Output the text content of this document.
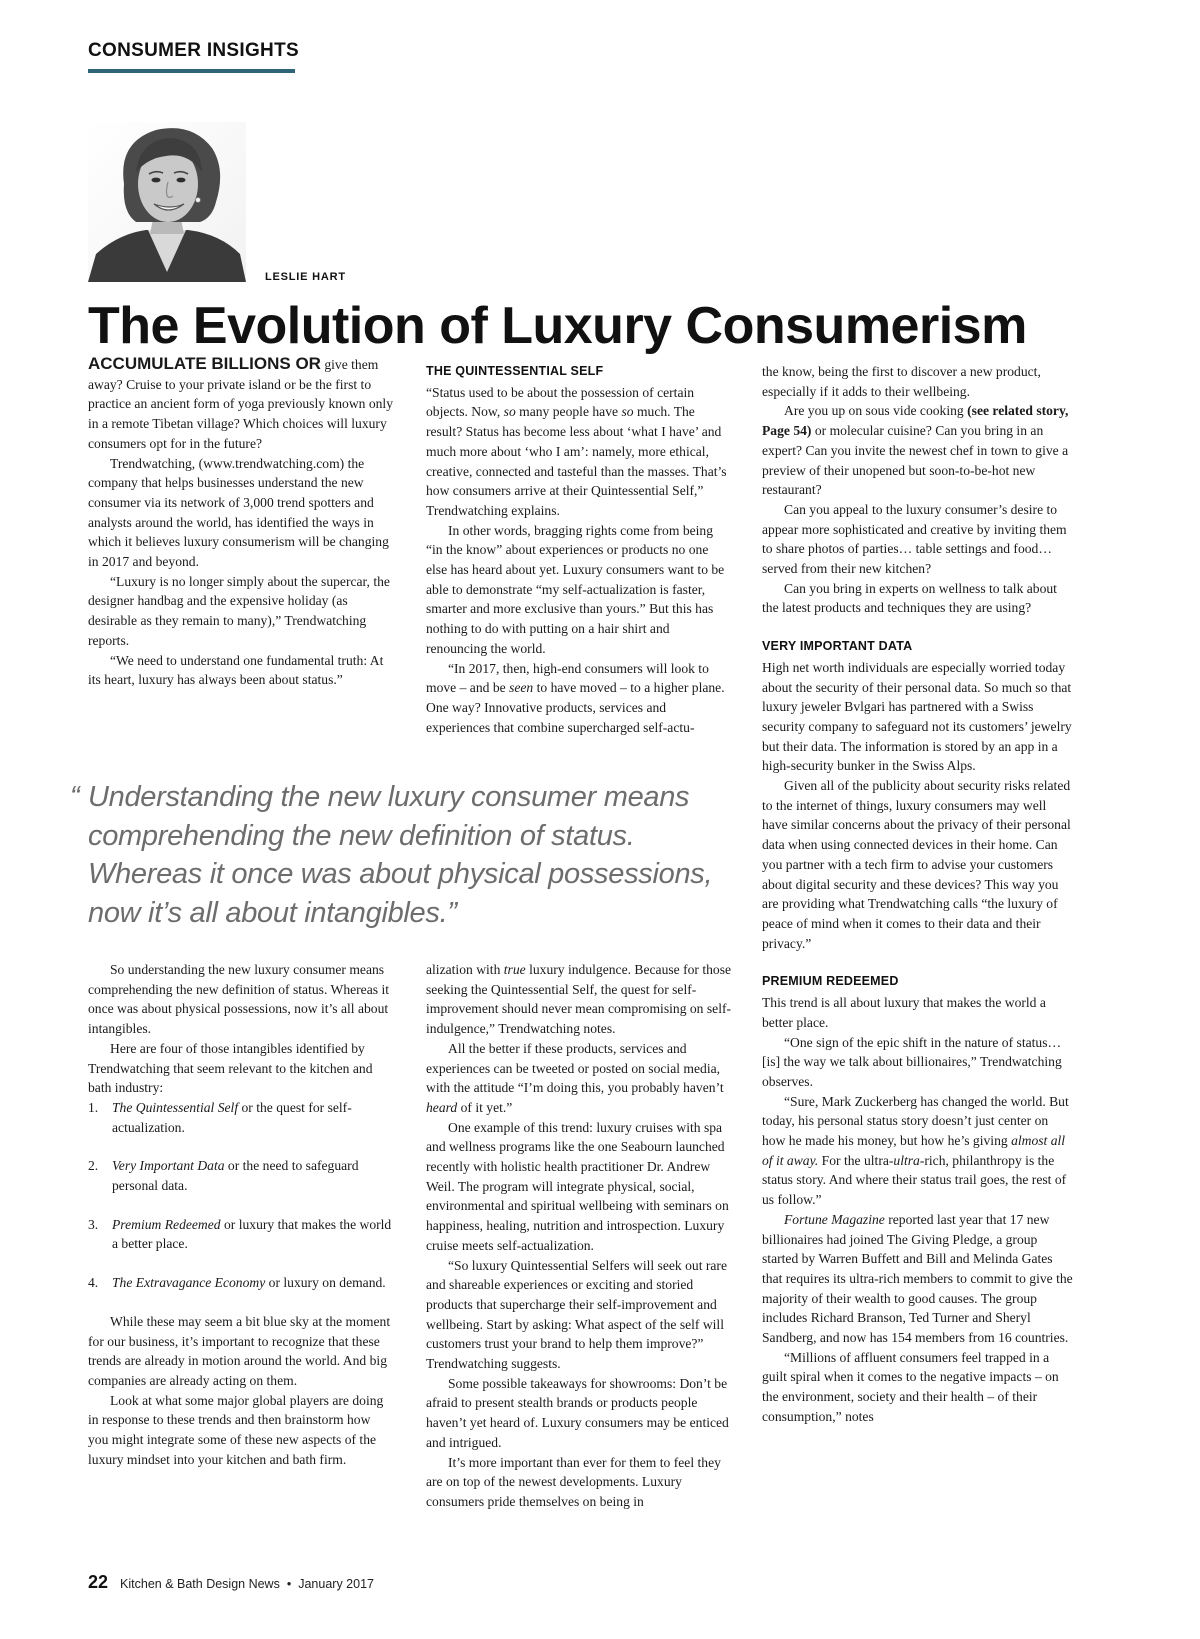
CONSUMER INSIGHTS
LESLIE HART
The Evolution of Luxury Consumerism

ACCUMULATE BILLIONS OR give them away? Cruise to your private island or be the first to practice an ancient form of yoga previously known only in a remote Tibetan village? Which choices will luxury consumers opt for in the future?

Trendwatching, (www.trendwatching.com) the company that helps businesses understand the new consumer via its network of 3,000 trend spotters and analysts around the world, has identified the ways in which it believes luxury consumerism will be changing in 2017 and beyond.

“Luxury is no longer simply about the supercar, the designer handbag and the expensive holiday (as desirable as they remain to many),” Trendwatching reports.

“We need to understand one fundamental truth: At its heart, luxury has always been about status.”

THE QUINTESSENTIAL SELF

“Status used to be about the possession of certain objects. Now, so many people have so much. The result? Status has become less about ‘what I have’ and much more about ‘who I am’: namely, more ethical, creative, connected and tasteful than the masses. That’s how consumers arrive at their Quintessential Self,” Trendwatching explains.

In other words, bragging rights come from being “in the know” about experiences or products no one else has heard about yet. Luxury consumers want to be able to demonstrate “my self-actualization is faster, smarter and more exclusive than yours.” But this has nothing to do with putting on a hair shirt and renouncing the world.

“In 2017, then, high-end consumers will look to move – and be seen to have moved – to a higher plane. One way? Innovative products, services and experiences that combine supercharged self-actu-

“ Understanding the new luxury consumer means
comprehending the new definition of status.
Whereas it once was about physical possessions,
now it’s all about intangibles.”

So understanding the new luxury consumer means comprehending the new definition of status. Whereas it once was about physical possessions, now it’s all about intangibles.

Here are four of those intangibles identified by Trendwatching that seem relevant to the kitchen and bath industry:

1.	The Quintessential Self or the quest for self-actualization.
2.	Very Important Data or the need to safeguard personal data.
3.	Premium Redeemed or luxury that makes the world a better place.
4.	The Extravagance Economy or luxury on demand.

While these may seem a bit blue sky at the moment for our business, it’s important to recognize that these trends are already in motion around the world. And big companies are already acting on them.

Look at what some major global players are doing in response to these trends and then brainstorm how you might integrate some of these new aspects of the luxury mindset into your kitchen and bath firm.

alization with true luxury indulgence. Because for those seeking the Quintessential Self, the quest for self-improvement should never mean compromising on self-indulgence,” Trendwatching notes.

All the better if these products, services and experiences can be tweeted or posted on social media, with the attitude “I’m doing this, you probably haven’t heard of it yet.”

One example of this trend: luxury cruises with spa and wellness programs like the one Seabourn launched recently with holistic health practitioner Dr. Andrew Weil. The program will integrate physical, social, environmental and spiritual wellbeing with seminars on happiness, healing, nutrition and introspection. Luxury cruise meets self-actualization.

“So luxury Quintessential Selfers will seek out rare and shareable experiences or exciting and storied products that supercharge their self-improvement and wellbeing. Start by asking: What aspect of the self will customers trust your brand to help them improve?” Trendwatching suggests.

Some possible takeaways for showrooms: Don’t be afraid to present stealth brands or products people haven’t yet heard of. Luxury consumers may be enticed and intrigued.

It’s more important than ever for them to feel they are on top of the newest developments. Luxury consumers pride themselves on being in

the know, being the first to discover a new product, especially if it adds to their wellbeing.

Are you up on sous vide cooking (see related story, Page 54) or molecular cuisine? Can you bring in an expert? Can you invite the newest chef in town to give a preview of their unopened but soon-to-be-hot new restaurant?

Can you appeal to the luxury consumer’s desire to appear more sophisticated and creative by inviting them to share photos of parties… table settings and food…served from their new kitchen?

Can you bring in experts on wellness to talk about the latest products and techniques they are using?

VERY IMPORTANT DATA

High net worth individuals are especially worried today about the security of their personal data. So much so that luxury jeweler Bvlgari has partnered with a Swiss security company to safeguard not its customers’ jewelry but their data. The information is stored by an app in a high-security bunker in the Swiss Alps.

Given all of the publicity about security risks related to the internet of things, luxury consumers may well have similar concerns about the privacy of their personal data when using connected devices in their home. Can you partner with a tech firm to advise your customers about digital security and these devices? This way you are providing what Trendwatching calls “the luxury of peace of mind when it comes to their data and their privacy.”

PREMIUM REDEEMED

This trend is all about luxury that makes the world a better place.

“One sign of the epic shift in the nature of status…[is] the way we talk about billionaires,” Trendwatching observes.

“Sure, Mark Zuckerberg has changed the world. But today, his personal status story doesn’t just center on how he made his money, but how he’s giving almost all of it away. For the ultra-ultra-rich, philanthropy is the status story. And where their status trail goes, the rest of us follow.”

Fortune Magazine reported last year that 17 new billionaires had joined The Giving Pledge, a group started by Warren Buffett and Bill and Melinda Gates that requires its ultra-rich members to commit to give the majority of their wealth to good causes. The group includes Richard Branson, Ted Turner and Sheryl Sandberg, and now has 154 members from 16 countries.

“Millions of affluent consumers feel trapped in a guilt spiral when it comes to the negative impacts – on the environment, society and their health – of their consumption,” notes

22 Kitchen & Bath Design News • January 2017
